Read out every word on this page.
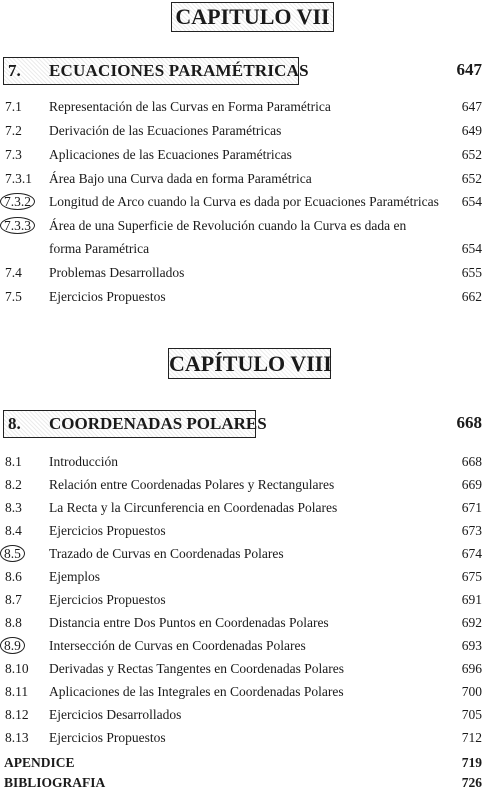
CAPITULO VII
7. ECUACIONES PARAMÉTRICAS	647
7.1 Representación de las Curvas en Forma Paramétrica	647
7.2 Derivación de las Ecuaciones Paramétricas	649
7.3 Aplicaciones de las Ecuaciones Paramétricas	652
7.3.1 Área Bajo una Curva dada en forma Paramétrica	652
7.3.2 Longitud de Arco cuando la Curva es dada por Ecuaciones Paramétricas 654
7.3.3 Área de una Superficie de Revolución cuando la Curva es dada en
forma Paramétrica	654
7.4 Problemas Desarrollados	655
7.5 Ejercicios Propuestos	662
CAPÍTULO VIII
8. COORDENADAS POLARES	668
8.1 Introducción	668
8.2 Relación entre Coordenadas Polares y Rectangulares	669
8.3 La Recta y la Circunferencia en Coordenadas Polares	671
8.4 Ejercicios Propuestos	673
8.5 Trazado de Curvas en Coordenadas Polares	674
8.6 Ejemplos	675
8.7 Ejercicios Propuestos	691
8.8 Distancia entre Dos Puntos en Coordenadas Polares	692
8.9 Intersección de Curvas en Coordenadas Polares	693
8.10 Derivadas y Rectas Tangentes en Coordenadas Polares	696
8.11 Aplicaciones de las Integrales en Coordenadas Polares	700
8.12 Ejercicios Desarrollados	705
8.13 Ejercicios Propuestos	712
APENDICE	719
BIBLIOGRAFIA	726
